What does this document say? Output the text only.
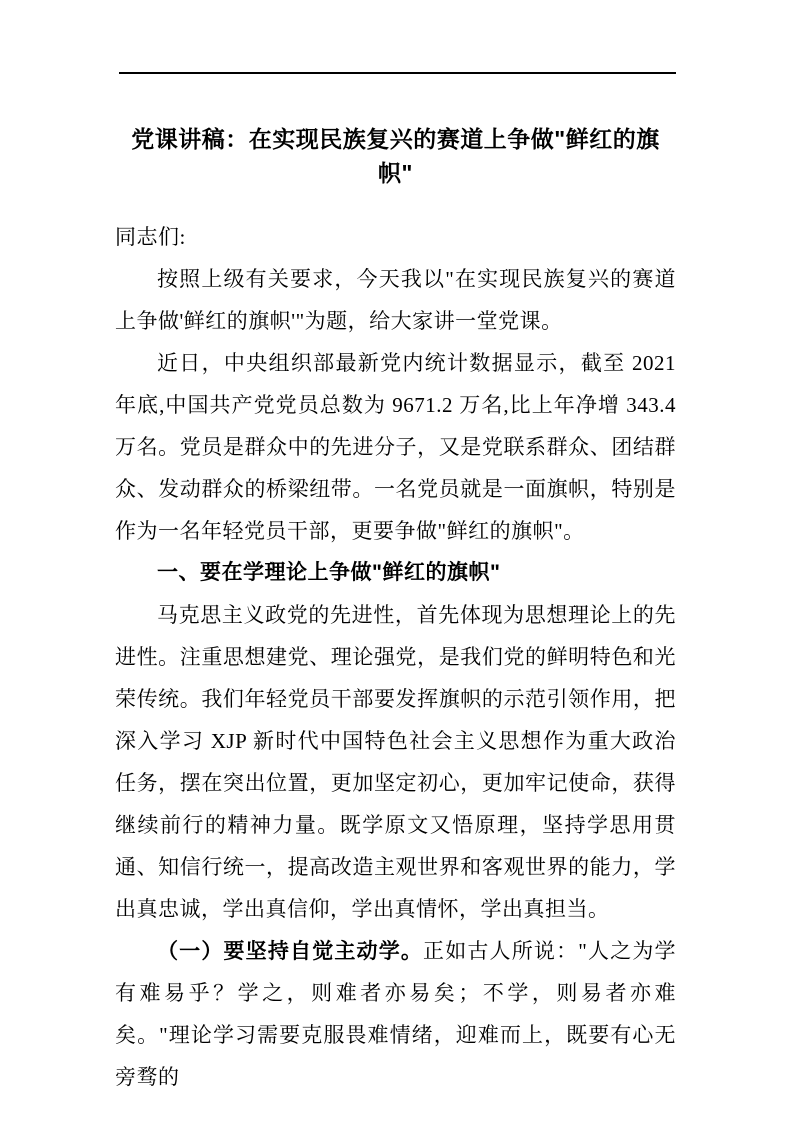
党课讲稿：在实现民族复兴的赛道上争做"鲜红的旗帜"

同志们:

按照上级有关要求，今天我以"在实现民族复兴的赛道上争做'鲜红的旗帜'"为题，给大家讲一堂党课。

近日，中央组织部最新党内统计数据显示，截至 2021 年底,中国共产党党员总数为 9671.2 万名,比上年净增 343.4 万名。党员是群众中的先进分子，又是党联系群众、团结群众、发动群众的桥梁纽带。一名党员就是一面旗帜，特别是作为一名年轻党员干部，更要争做"鲜红的旗帜"。

一、要在学理论上争做"鲜红的旗帜"

马克思主义政党的先进性，首先体现为思想理论上的先进性。注重思想建党、理论强党，是我们党的鲜明特色和光荣传统。我们年轻党员干部要发挥旗帜的示范引领作用，把深入学习 XJP 新时代中国特色社会主义思想作为重大政治任务，摆在突出位置，更加坚定初心，更加牢记使命，获得继续前行的精神力量。既学原文又悟原理，坚持学思用贯通、知信行统一，提高改造主观世界和客观世界的能力，学出真忠诚，学出真信仰，学出真情怀，学出真担当。

（一）要坚持自觉主动学。正如古人所说："人之为学有难易乎？学之，则难者亦易矣；不学，则易者亦难矣。"理论学习需要克服畏难情绪，迎难而上，既要有心无旁骛的
